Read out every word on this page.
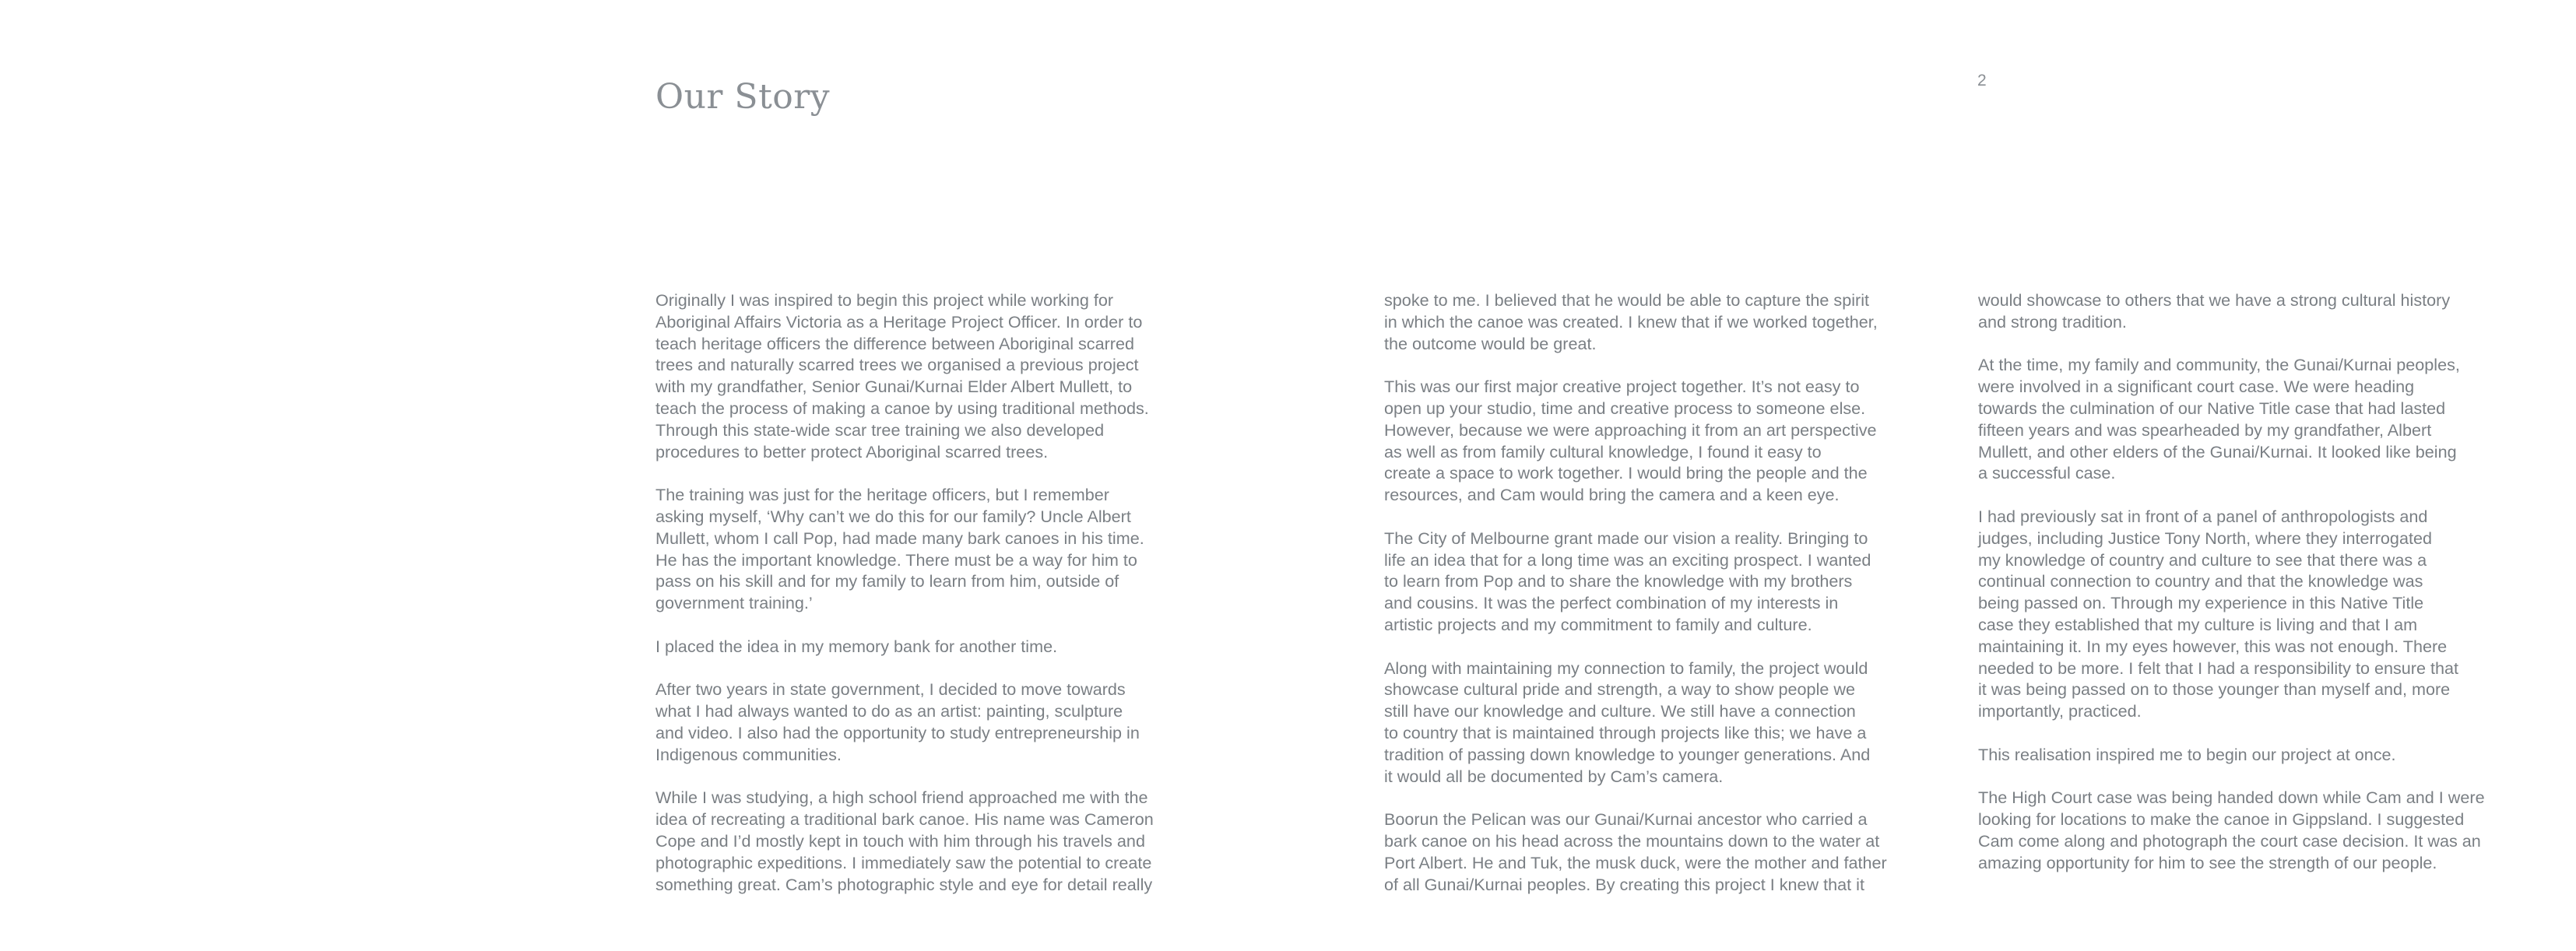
Our Story	2

Originally I was inspired to begin this project while working for
Aboriginal Affairs Victoria as a Heritage Project Officer. In order to
teach heritage officers the difference between Aboriginal scarred
trees and naturally scarred trees we organised a previous project
with my grandfather, Senior Gunai/Kurnai Elder Albert Mullett, to
teach the process of making a canoe by using traditional methods.
Through this state-wide scar tree training we also developed
procedures to better protect Aboriginal scarred trees.

The training was just for the heritage officers, but I remember
asking myself, ‘Why can’t we do this for our family? Uncle Albert
Mullett, whom I call Pop, had made many bark canoes in his time.
He has the important knowledge. There must be a way for him to
pass on his skill and for my family to learn from him, outside of
government training.’

I placed the idea in my memory bank for another time.

After two years in state government, I decided to move towards
what I had always wanted to do as an artist: painting, sculpture
and video. I also had the opportunity to study entrepreneurship in
Indigenous communities.

While I was studying, a high school friend approached me with the
idea of recreating a traditional bark canoe. His name was Cameron
Cope and I’d mostly kept in touch with him through his travels and
photographic expeditions. I immediately saw the potential to create
something great. Cam’s photographic style and eye for detail really

spoke to me. I believed that he would be able to capture the spirit
in which the canoe was created. I knew that if we worked together,
the outcome would be great.

This was our first major creative project together. It’s not easy to
open up your studio, time and creative process to someone else.
However, because we were approaching it from an art perspective
as well as from family cultural knowledge, I found it easy to
create a space to work together. I would bring the people and the
resources, and Cam would bring the camera and a keen eye.

The City of Melbourne grant made our vision a reality. Bringing to
life an idea that for a long time was an exciting prospect. I wanted
to learn from Pop and to share the knowledge with my brothers
and cousins. It was the perfect combination of my interests in
artistic projects and my commitment to family and culture.

Along with maintaining my connection to family, the project would
showcase cultural pride and strength, a way to show people we
still have our knowledge and culture. We still have a connection
to country that is maintained through projects like this; we have a
tradition of passing down knowledge to younger generations. And
it would all be documented by Cam’s camera.

Boorun the Pelican was our Gunai/Kurnai ancestor who carried a
bark canoe on his head across the mountains down to the water at
Port Albert. He and Tuk, the musk duck, were the mother and father
of all Gunai/Kurnai peoples. By creating this project I knew that it

would showcase to others that we have a strong cultural history
and strong tradition.

At the time, my family and community, the Gunai/Kurnai peoples,
were involved in a significant court case. We were heading
towards the culmination of our Native Title case that had lasted
fifteen years and was spearheaded by my grandfather, Albert
Mullett, and other elders of the Gunai/Kurnai. It looked like being
a successful case.

I had previously sat in front of a panel of anthropologists and
judges, including Justice Tony North, where they interrogated
my knowledge of country and culture to see that there was a
continual connection to country and that the knowledge was
being passed on. Through my experience in this Native Title
case they established that my culture is living and that I am
maintaining it. In my eyes however, this was not enough. There
needed to be more. I felt that I had a responsibility to ensure that
it was being passed on to those younger than myself and, more
importantly, practiced.

This realisation inspired me to begin our project at once.

The High Court case was being handed down while Cam and I were
looking for locations to make the canoe in Gippsland. I suggested
Cam come along and photograph the court case decision. It was an
amazing opportunity for him to see the strength of our people.
